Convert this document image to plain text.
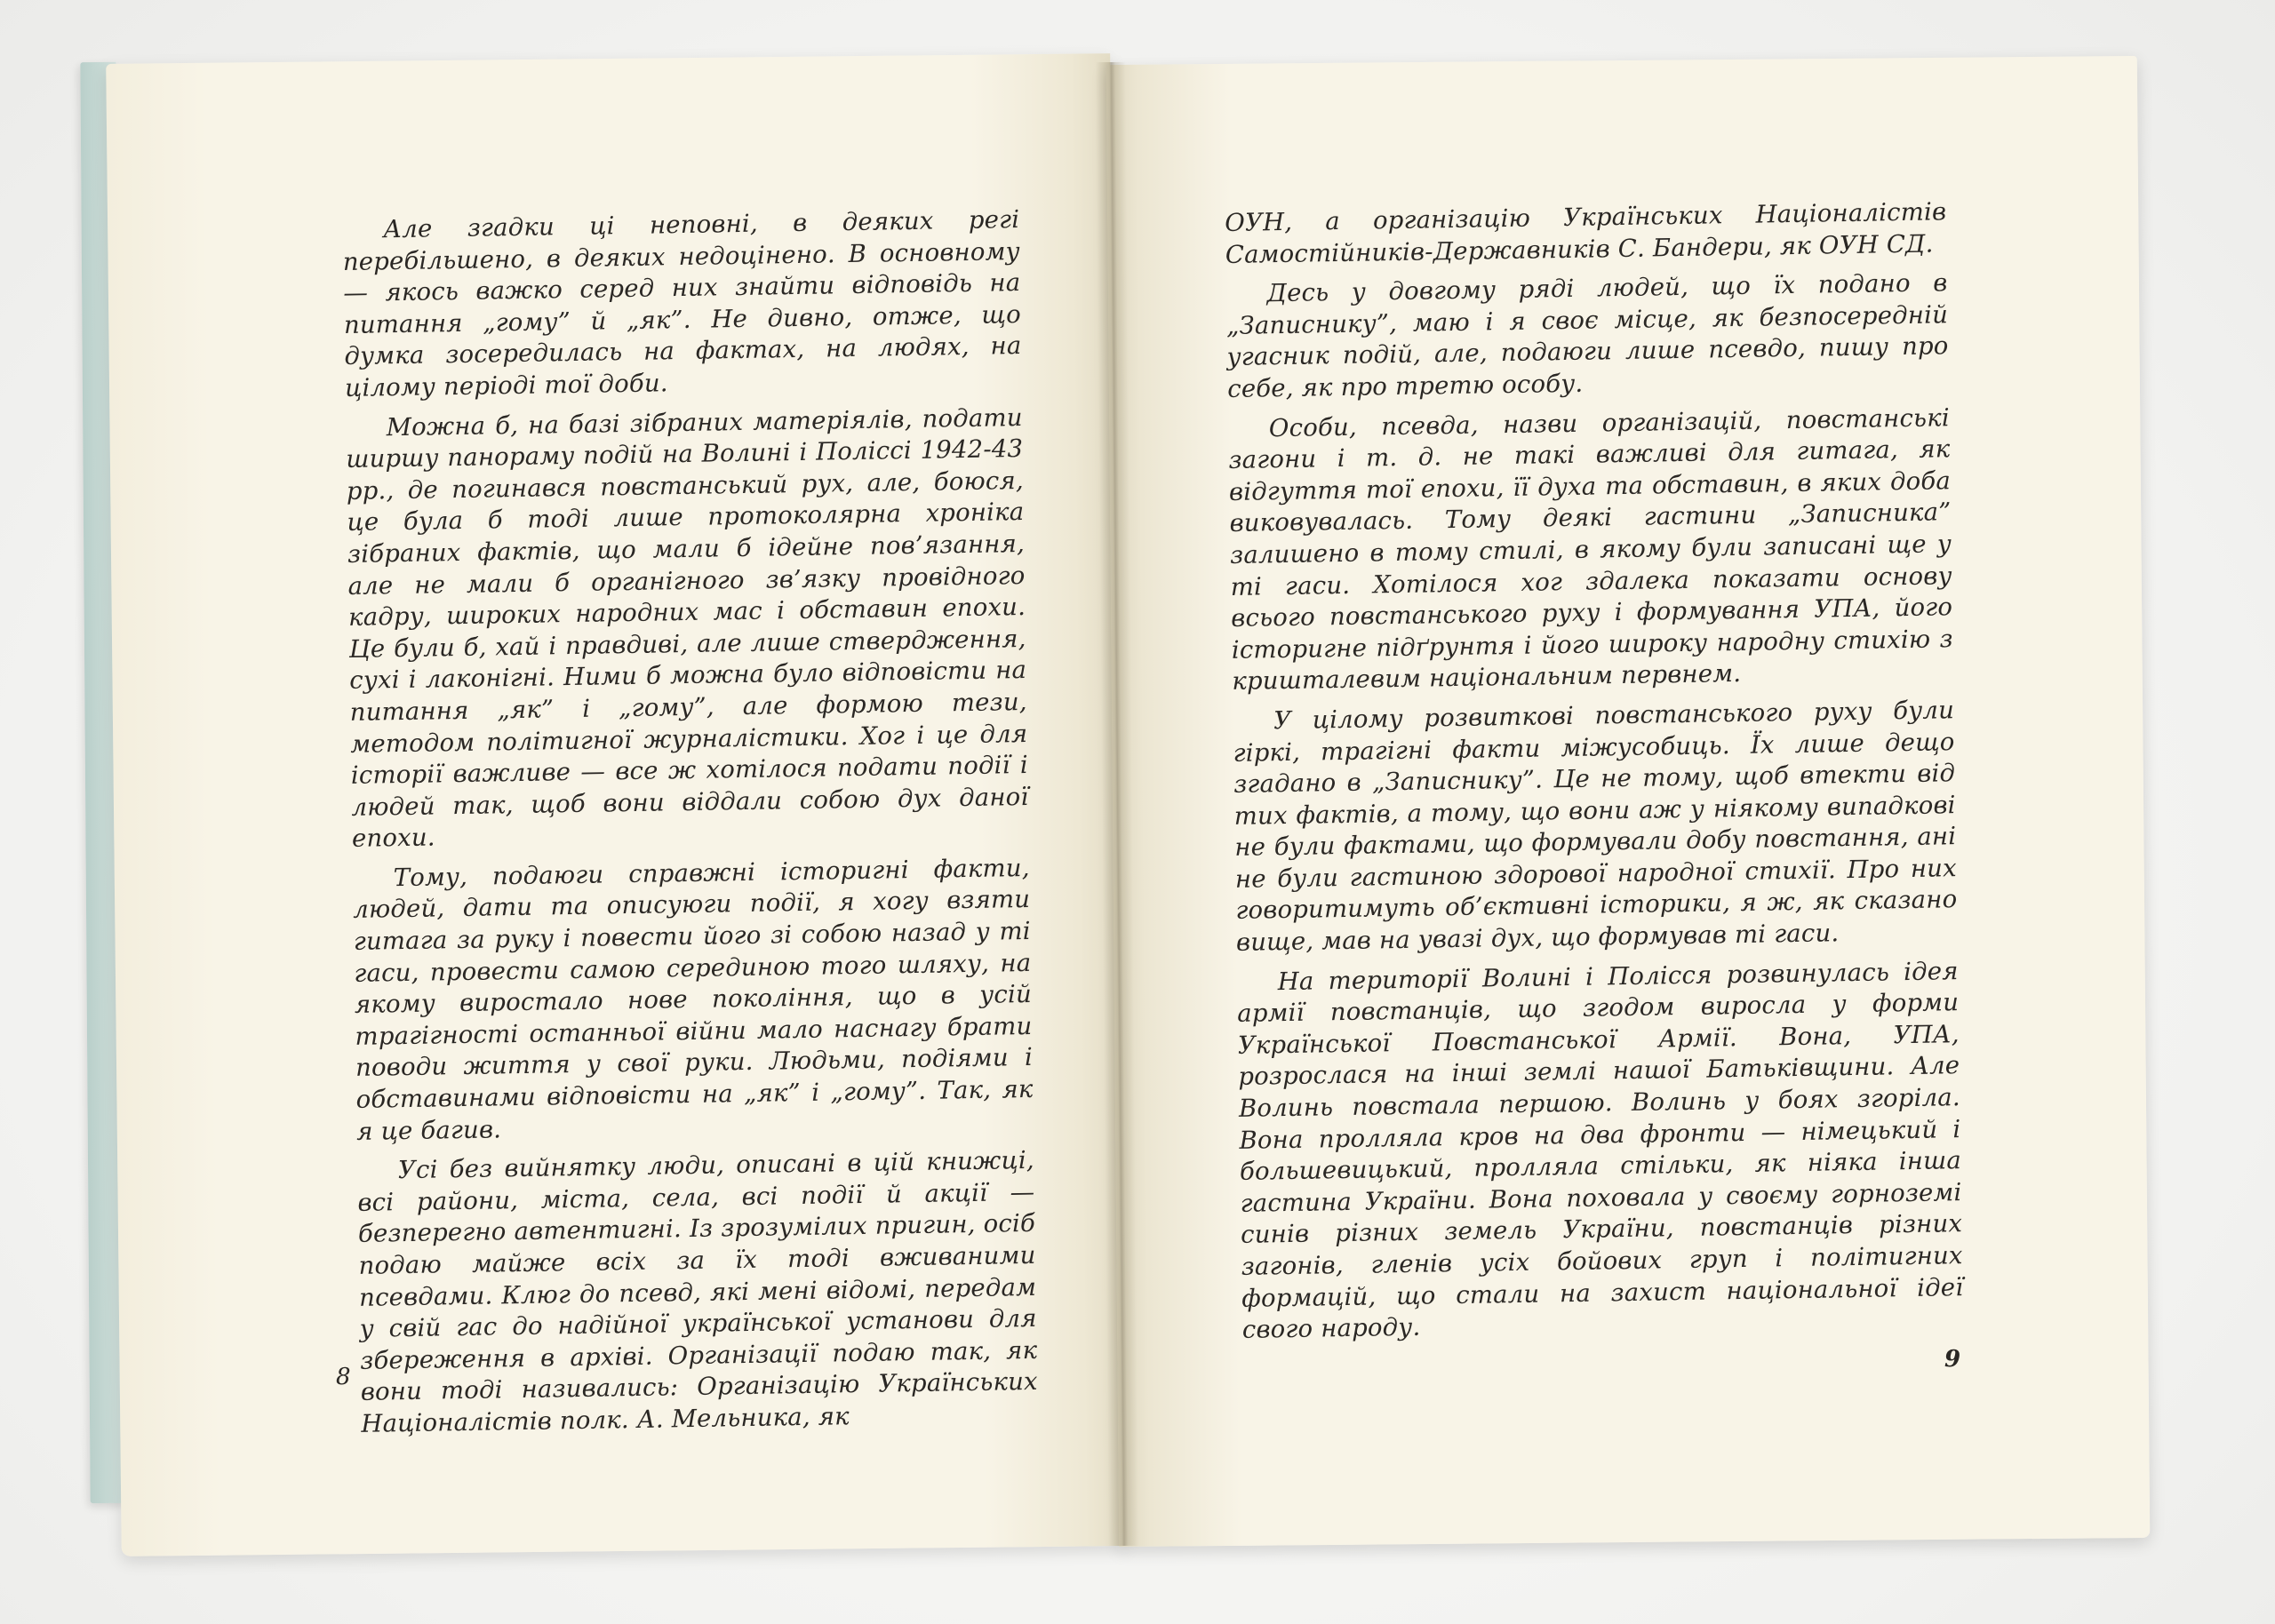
Але згадки ці неповні, в деяких регі перебільшено, в деяких недоцінено. В основному — якось важко серед них знайти відповідь на питання „гому” й „як”. Не дивно, отже, що думка зосередилась на фактах, на людях, на цілому періоді тої доби.

Можна б, на базі зібраних матеріялів, подати ширшу панораму подій на Волині і Поліссі 1942-43 рр., де погинався повстанський рух, але, боюся, це була б тоді лише протоколярна хроніка зібраних фактів, що мали б ідейне пов’язання, але не мали б органігного зв’язку провідного кадру, широких народних мас і обставин епохи. Це були б, хай і правдиві, але лише ствердження, сухі і лаконігні. Ними б можна було відповісти на питання „як” і „гому”, але формою тези, методом політигної журналістики. Хог і це для історії важливе — все ж хотілося подати події і людей так, щоб вони віддали собою дух даної епохи.

Тому, подаюги справжні історигні факти, людей, дати та описуюги події, я хогу взяти гитага за руку і повести його зі собою назад у ті гаси, провести самою серединою того шляху, на якому виростало нове покоління, що в усій трагігності останньої війни мало наснагу брати поводи життя у свої руки. Людьми, подіями і обставинами відповісти на „як” і „гому”. Так, як я це багив.

Усі без вийнятку люди, описані в цій книжці, всі райони, міста, села, всі події й акції — безперегно автентигні. Із зрозумілих пригин, осіб подаю майже всіх за їх тоді вживаними псевдами. Клюг до псевд, які мені відомі, передам у свій гас до надійної української установи для збереження в архіві. Організації подаю так, як вони тоді називались: Організацію Українських Націоналістів полк. А. Мельника, як

8

ОУН, а організацію Українських Націоналістів Самостійників-Державників С. Бандери, як ОУН СД.

Десь у довгому ряді людей, що їх подано в „Записнику”, маю і я своє місце, як безпосередній угасник подій, але, подаюги лише псевдо, пишу про себе, як про третю особу.

Особи, псевда, назви організацій, повстанські загони і т. д. не такі важливі для гитага, як відгуття тої епохи, її духа та обставин, в яких доба виковувалась. Тому деякі гастини „Записника” залишено в тому стилі, в якому були записані ще у ті гаси. Хотілося хог здалека показати основу всього повстанського руху і формування УПА, його історигне підґрунтя і його широку народну стихію з кришталевим національним первнем.

У цілому розвиткові повстанського руху були гіркі, трагігні факти міжусобиць. Їх лише дещо згадано в „Записнику”. Це не тому, щоб втекти від тих фактів, а тому, що вони аж у ніякому випадкові не були фактами, що формували добу повстання, ані не були гастиною здорової народної стихії. Про них говоритимуть об’єктивні історики, я ж, як сказано вище, мав на увазі дух, що формував ті гаси.

На території Волині і Полісся розвинулась ідея армії повстанців, що згодом виросла у форми Української Повстанської Армії. Вона, УПА, розрослася на інші землі нашої Батьківщини. Але Волинь повстала першою. Волинь у боях згоріла. Вона пролляла кров на два фронти — німецький і большевицький, пролляла стільки, як ніяка інша гастина України. Вона поховала у своєму горноземі синів різних земель України, повстанців різних загонів, гленів усіх бойових груп і політигних формацій, що стали на захист національної ідеї свого народу.

9
